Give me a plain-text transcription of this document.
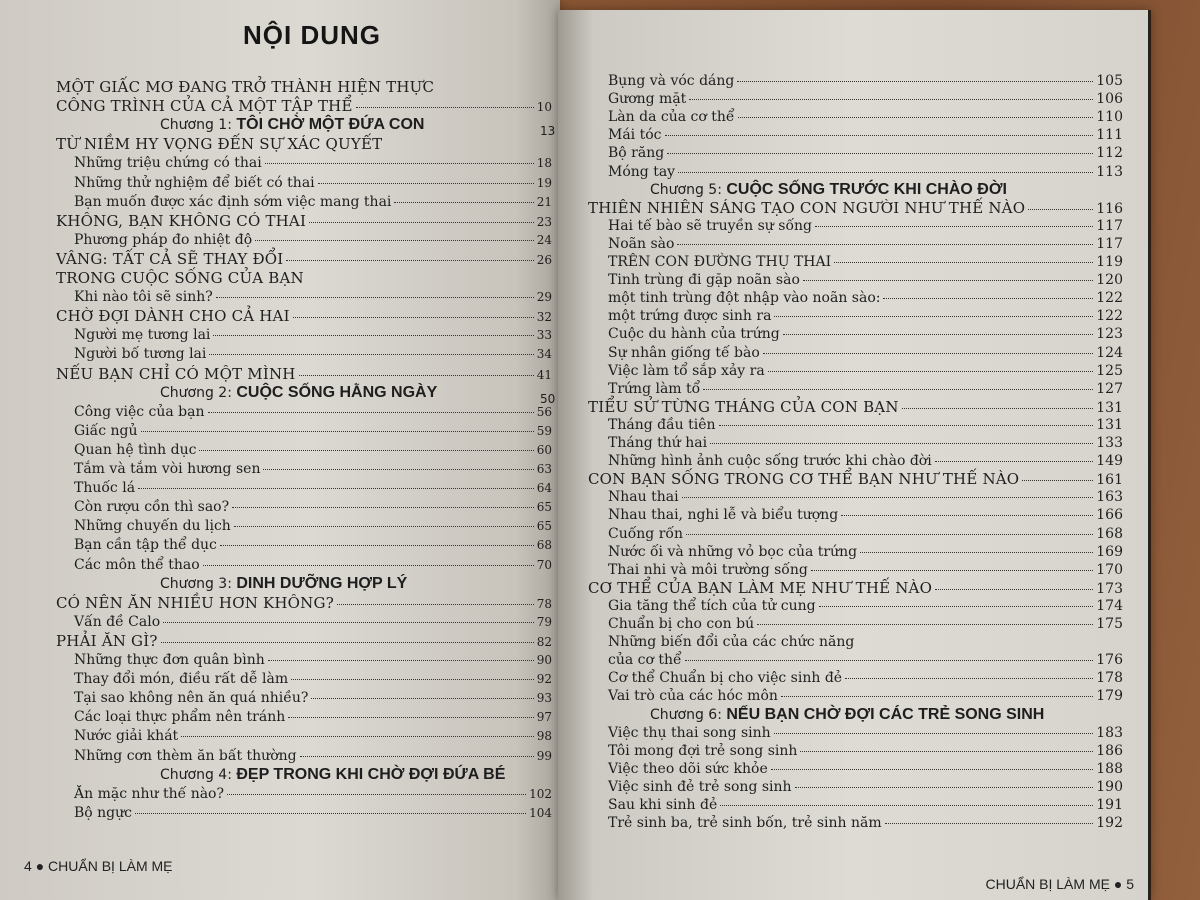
NỘI DUNG
MỘT GIẤC MƠ ĐANG TRỞ THÀNH HIỆN THỰC
CÔNG TRÌNH CỦA CẢ MỘT TẬP THỂ	10
Chương 1: TÔI CHỜ MỘT ĐỨA CON	13
TỪ NIỀM HY VỌNG ĐẾN SỰ XÁC QUYẾT
Những triệu chứng có thai	18
Những thử nghiệm để biết có thai	19
Bạn muốn được xác định sớm việc mang thai	21
KHÔNG, BẠN KHÔNG CÓ THAI	23
Phương pháp đo nhiệt độ	24
VÂNG: TẤT CẢ SẼ THAY ĐỔI	26
TRONG CUỘC SỐNG CỦA BẠN
Khi nào tôi sẽ sinh?	29
CHỜ ĐỢI DÀNH CHO CẢ HAI	32
Người mẹ tương lai	33
Người bố tương lai	34
NẾU BẠN CHỈ CÓ MỘT MÌNH	41
Chương 2: CUỘC SỐNG HẰNG NGÀY	50
Công việc của bạn	56
Giấc ngủ	59
Quan hệ tình dục	60
Tắm và tắm vòi hương sen	63
Thuốc lá	64
Còn rượu cồn thì sao?	65
Những chuyến du lịch	65
Bạn cần tập thể dục	68
Các môn thể thao	70
Chương 3: DINH DƯỠNG HỢP LÝ
CÓ NÊN ĂN NHIỀU HƠN KHÔNG?	78
Vấn đề Calo	79
PHẢI ĂN GÌ?	82
Những thực đơn quân bình	90
Thay đổi món, điều rất dễ làm	92
Tại sao không nên ăn quá nhiều?	93
Các loại thực phẩm nên tránh	97
Nước giải khát	98
Những cơn thèm ăn bất thường	99
Chương 4: ĐẸP TRONG KHI CHỜ ĐỢI ĐỨA BÉ
Ăn mặc như thế nào?	102
Bộ ngực	104
4 ● CHUẨN BỊ LÀM MẸ
Bụng và vóc dáng	105
Gương mặt	106
Làn da của cơ thể	110
Mái tóc	111
Bộ răng	112
Móng tay	113
Chương 5: CUỘC SỐNG TRƯỚC KHI CHÀO ĐỜI
THIÊN NHIÊN SÁNG TẠO CON NGƯỜI NHƯ THẾ NÀO	116
Hai tế bào sẽ truyền sự sống	117
Noãn sào	117
TRÊN CON ĐƯỜNG THỤ THAI	119
Tinh trùng đi gặp noãn sào	120
một tinh trùng đột nhập vào noãn sào:	122
một trứng được sinh ra	122
Cuộc du hành của trứng	123
Sự nhân giống tế bào	124
Việc làm tổ sắp xảy ra	125
Trứng làm tổ	127
TIỂU SỬ TỪNG THÁNG CỦA CON BẠN	131
Tháng đầu tiên	131
Tháng thứ hai	133
Những hình ảnh cuộc sống trước khi chào đời	149
CON BẠN SỐNG TRONG CƠ THỂ BẠN NHƯ THẾ NÀO	161
Nhau thai	163
Nhau thai, nghi lễ và biểu tượng	166
Cuống rốn	168
Nước ối và những vỏ bọc của trứng	169
Thai nhi và môi trường sống	170
CƠ THỂ CỦA BẠN LÀM MẸ NHƯ THẾ NÀO	173
Gia tăng thể tích của tử cung	174
Chuẩn bị cho con bú	175
Những biến đổi của các chức năng
của cơ thể	176
Cơ thể Chuẩn bị cho việc sinh đẻ	178
Vai trò của các hóc môn	179
Chương 6: NẾU BẠN CHỜ ĐỢI CÁC TRẺ SONG SINH
Việc thụ thai song sinh	183
Tôi mong đợi trẻ song sinh	186
Việc theo dõi sức khỏe	188
Việc sinh đẻ trẻ song sinh	190
Sau khi sinh đẻ	191
Trẻ sinh ba, trẻ sinh bốn, trẻ sinh năm	192
CHUẨN BỊ LÀM MẸ ● 5
